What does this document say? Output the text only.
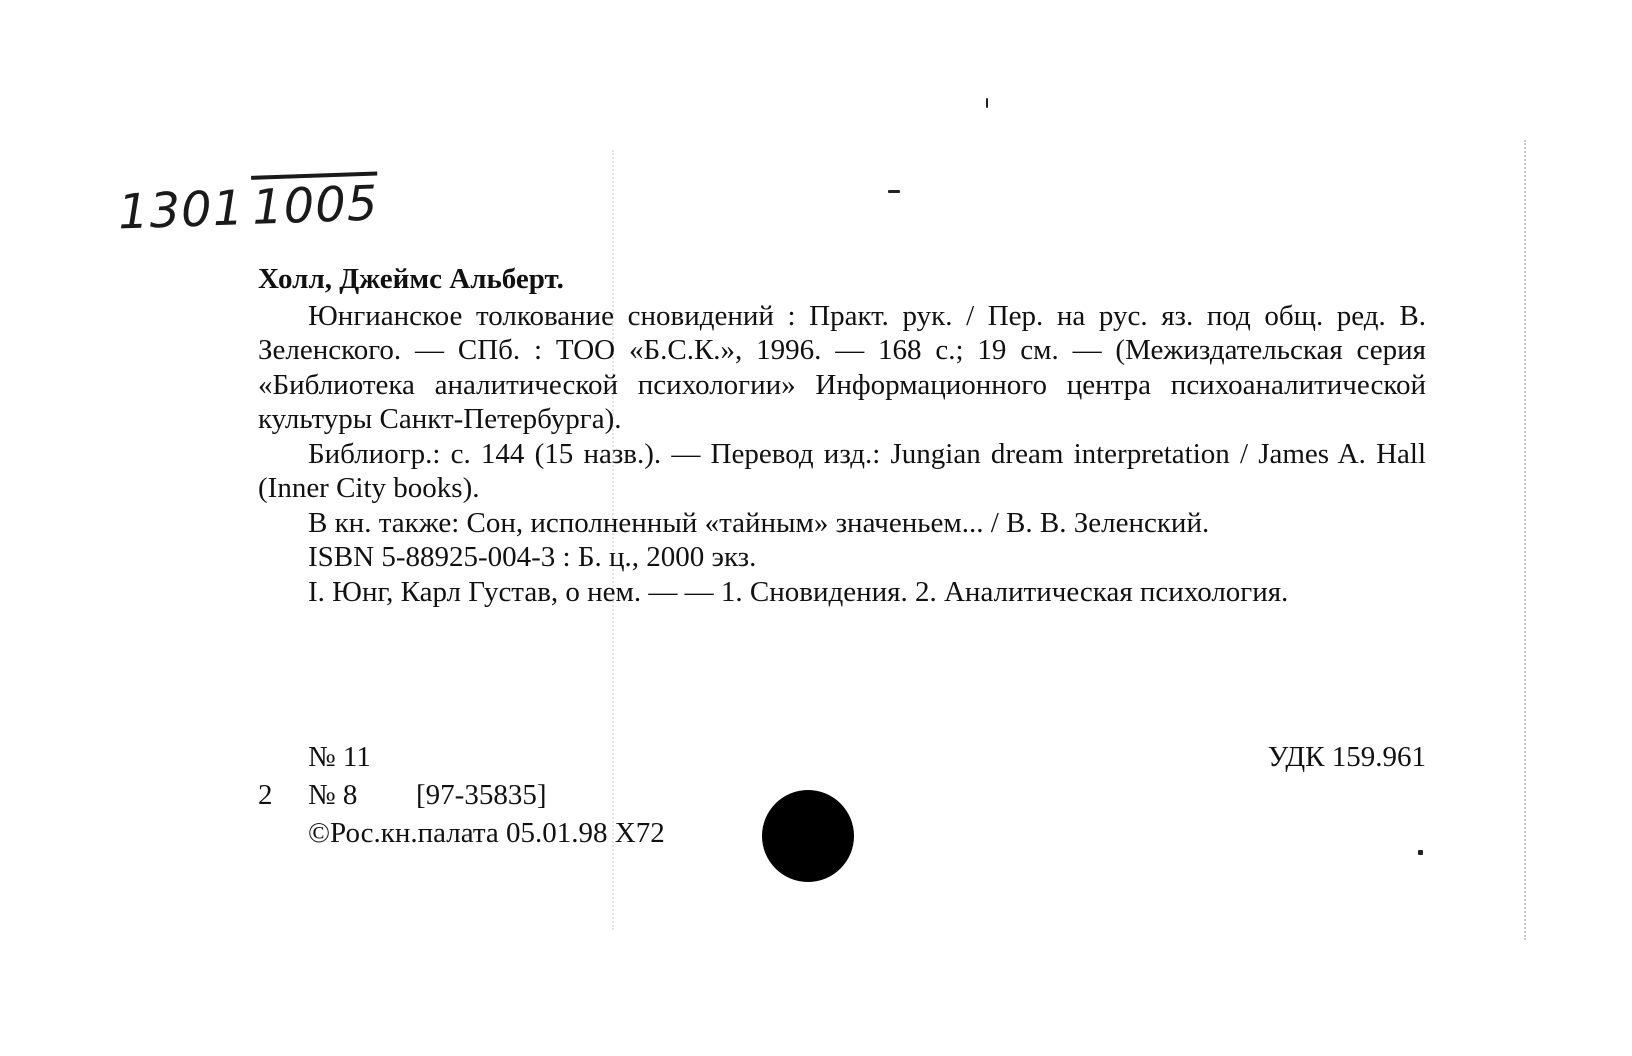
1301 1005
Холл, Джеймс Альберт.
Юнгианское толкование сновидений : Практ. рук. / Пер. на рус. яз. под общ. ред. В. Зеленского. — СПб. : ТОО «Б.С.К.», 1996. — 168 с.; 19 см. — (Межиздательская серия «Библиотека аналитической психологии» Информационного центра психоаналитической культуры Санкт-Петербурга).
Библиогр.: с. 144 (15 назв.). — Перевод изд.: Jungian dream interpretation / James A. Hall (Inner City books).
В кн. также: Сон, исполненный «тайным» значеньем... / В. В. Зеленский.
ISBN 5-88925-004-3 : Б. ц., 2000 экз.
I. Юнг, Карл Густав, о нем. — — 1. Сновидения. 2. Аналитическая психология.
№ 11	УДК 159.961
2 № 8 [97-35835]
©Рос.кн.палата 05.01.98 Х72
